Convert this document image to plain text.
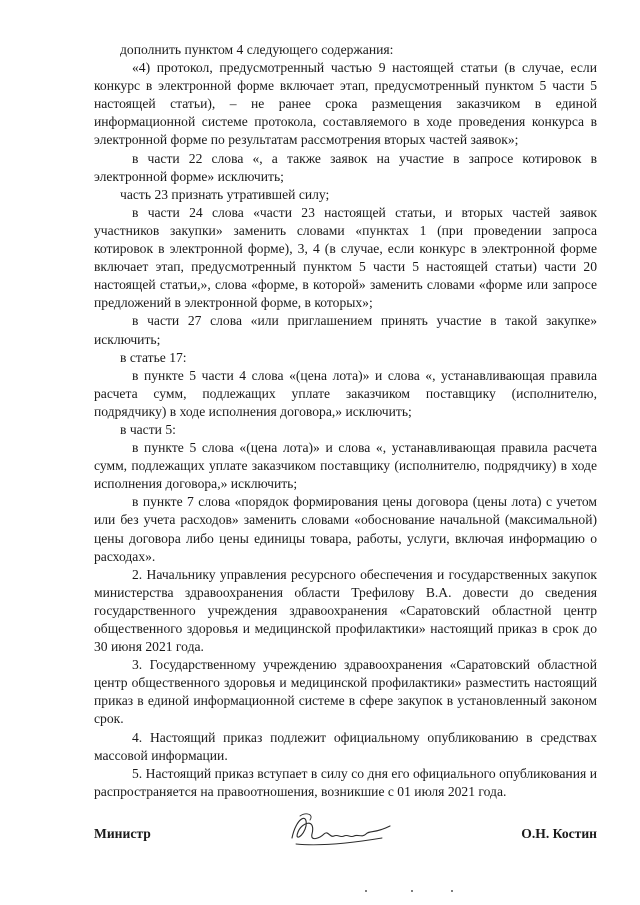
дополнить пунктом 4 следующего содержания:

«4) протокол, предусмотренный частью 9 настоящей статьи (в случае, если конкурс в электронной форме включает этап, предусмотренный пунктом 5 части 5 настоящей статьи), – не ранее срока размещения заказчиком в единой информационной системе протокола, составляемого в ходе проведения конкурса в электронной форме по результатам рассмотрения вторых частей заявок»;

в части 22 слова «, а также заявок на участие в запросе котировок в электронной форме» исключить;

часть 23 признать утратившей силу;

в части 24 слова «части 23 настоящей статьи, и вторых частей заявок участников закупки» заменить словами «пунктах 1 (при проведении запроса котировок в электронной форме), 3, 4 (в случае, если конкурс в электронной форме включает этап, предусмотренный пунктом 5 части 5 настоящей статьи) части 20 настоящей статьи,», слова «форме, в которой» заменить словами «форме или запросе предложений в электронной форме, в которых»;

в части 27 слова «или приглашением принять участие в такой закупке» исключить;

в статье 17:

в пункте 5 части 4 слова «(цена лота)» и слова «, устанавливающая правила расчета сумм, подлежащих уплате заказчиком поставщику (исполнителю, подрядчику) в ходе исполнения договора,» исключить;

в части 5:

в пункте 5 слова «(цена лота)» и слова «, устанавливающая правила расчета сумм, подлежащих уплате заказчиком поставщику (исполнителю, подрядчику) в ходе исполнения договора,» исключить;

в пункте 7 слова «порядок формирования цены договора (цены лота) с учетом или без учета расходов» заменить словами «обоснование начальной (максимальной) цены договора либо цены единицы товара, работы, услуги, включая информацию о расходах».

2. Начальнику управления ресурсного обеспечения и государственных закупок министерства здравоохранения области Трефилову В.А. довести до сведения государственного учреждения здравоохранения «Саратовский областной центр общественного здоровья и медицинской профилактики» настоящий приказ в срок до 30 июня 2021 года.

3. Государственному учреждению здравоохранения «Саратовский областной центр общественного здоровья и медицинской профилактики» разместить настоящий приказ в единой информационной системе в сфере закупок в установленный законом срок.

4. Настоящий приказ подлежит официальному опубликованию в средствах массовой информации.

5. Настоящий приказ вступает в силу со дня его официального опубликования и распространяется на правоотношения, возникшие с 01 июля 2021 года.

Министр	О.Н. Костин
